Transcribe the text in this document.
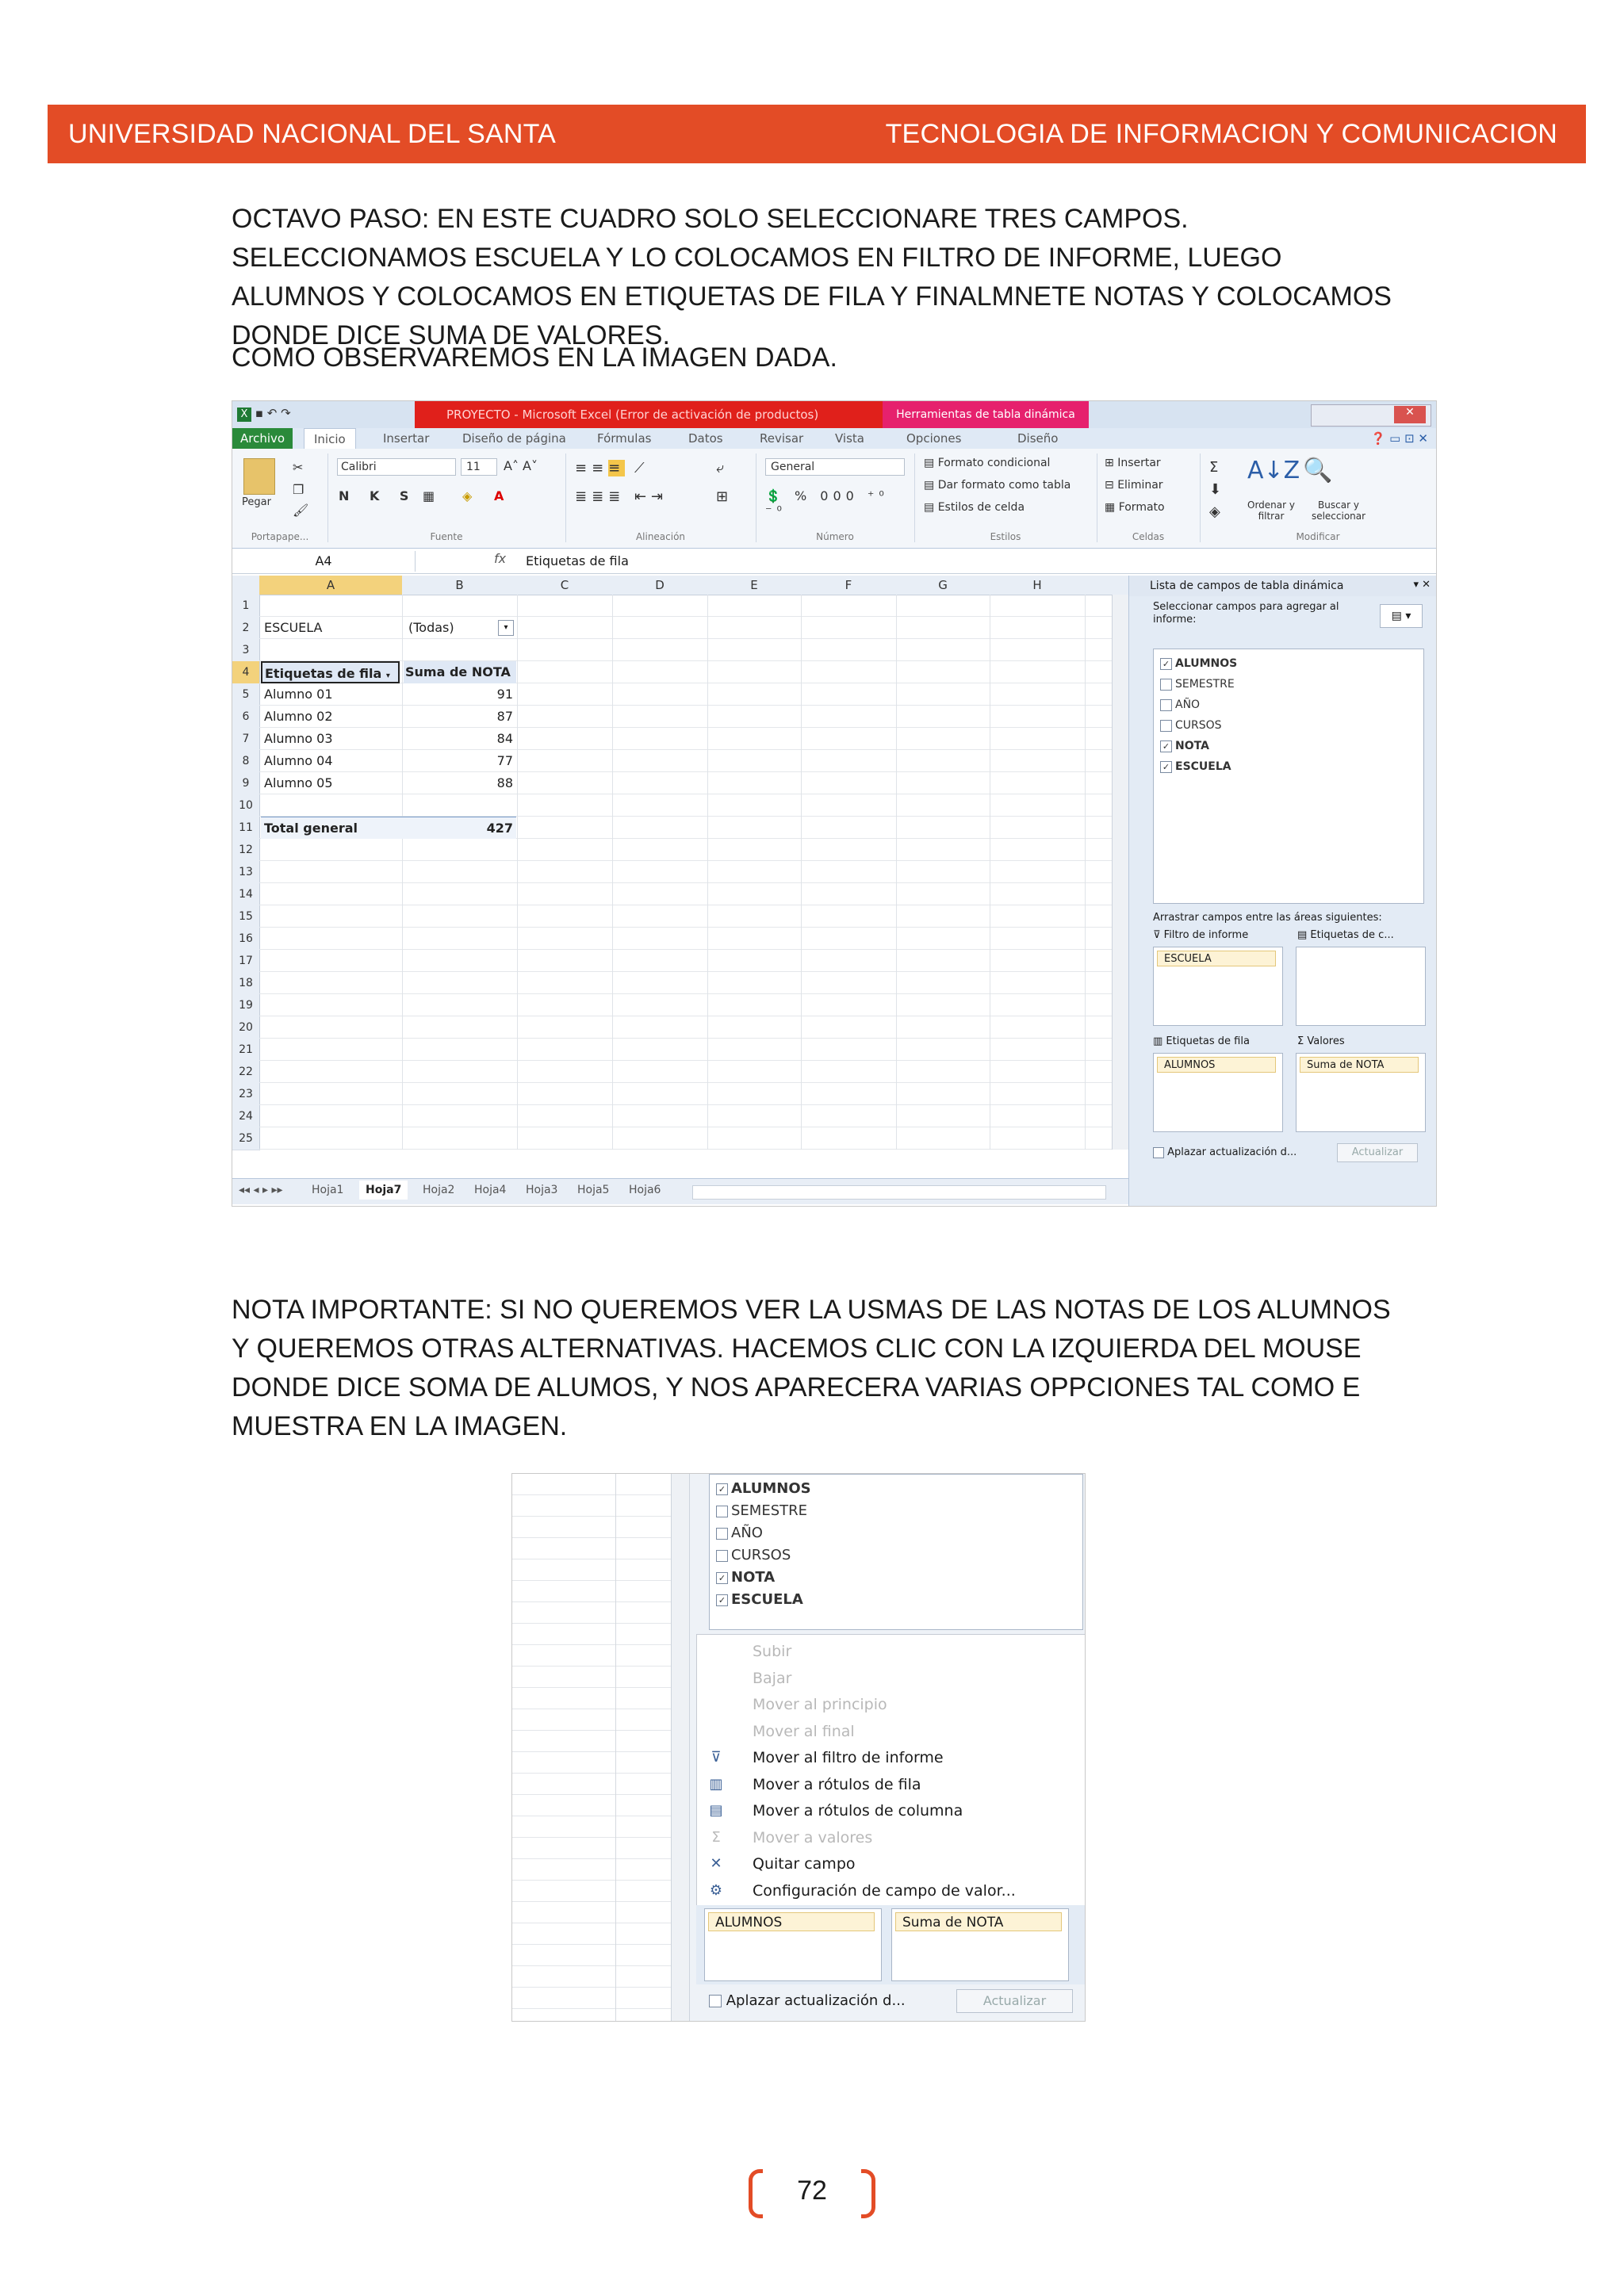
UNIVERSIDAD NACIONAL DEL SANTA	TECNOLOGIA DE INFORMACION Y COMUNICACION
OCTAVO PASO: EN ESTE CUADRO SOLO SELECCIONARE TRES CAMPOS. SELECCIONAMOS ESCUELA Y LO COLOCAMOS EN FILTRO DE INFORME, LUEGO ALUMNOS Y COLOCAMOS EN ETIQUETAS DE FILA Y FINALMNETE NOTAS Y COLOCAMOS DONDE DICE SUMA DE VALORES.
COMO OBSERVAREMOS EN LA IMAGEN DADA.
X ▪ ↶ ↷	PROYECTO - Microsoft Excel (Error de activación de productos)	Herramientas de tabla dinámica	✕
Archivo	Inicio	Insertar	Diseño de página	Fórmulas	Datos	Revisar	Vista	Opciones	Diseño	❓ ▭ ⊡ ✕
Pegar
✂
❐
🖌
Portapape...
Calibri	11	A˄ A˅
N K S ▦ ◈ A
Fuente
≡≡≡ ⟋
≣≣≣ ⇤⇥
⤶
⊞
Alineación
General
💲 % 000 ⁺⁰ ⁻⁰
Número
▤ Formato condicional
▤ Dar formato como tabla
▤ Estilos de celda
Estilos
⊞ Insertar
⊟ Eliminar
▦ Formato
Celdas
Σ
⬇
◈
A↓Z 🔍
Ordenar y filtrar
Buscar y seleccionar
Modificar
A4	fx Etiquetas de fila
A	B	C	D	E	F	G	H
1
2
3
4
5
6
7
8
9
10
11
12
13
14
15
16
17
18
19
20
21
22
23
24
25
ESCUELA	(Todas)	▾
Etiquetas de fila ▾	Suma de NOTA
Alumno 01	91
Alumno 02	87
Alumno 03	84
Alumno 04	77
Alumno 05	88
Total general	427
◂◂ ◂ ▸ ▸▸	Hoja1	Hoja7	Hoja2 Hoja4 Hoja3 Hoja5 Hoja6
Lista de campos de tabla dinámica	▾ ✕
Seleccionar campos para agregar al informe:	▤ ▾
✓ ALUMNOS
SEMESTRE
AÑO
CURSOS
✓ NOTA
✓ ESCUELA
Arrastrar campos entre las áreas siguientes:
⊽ Filtro de informe	▤ Etiquetas de c...
ESCUELA
▥ Etiquetas de fila	Σ Valores
ALUMNOS	Suma de NOTA
Aplazar actualización d...	Actualizar
NOTA IMPORTANTE: SI NO QUEREMOS VER LA USMAS DE LAS NOTAS DE LOS ALUMNOS Y QUEREMOS OTRAS ALTERNATIVAS. HACEMOS CLIC CON LA IZQUIERDA DEL MOUSE DONDE DICE SOMA DE ALUMOS, Y NOS APARECERA VARIAS OPPCIONES TAL COMO E MUESTRA EN LA IMAGEN.
✓ ALUMNOS
SEMESTRE
AÑO
CURSOS
✓ NOTA
✓ ESCUELA
Subir
Bajar
Mover al principio
Mover al final
⊽ Mover al filtro de informe
▥ Mover a rótulos de fila
▤ Mover a rótulos de columna
Σ	Mover a valores
✕ Quitar campo
⚙ Configuración de campo de valor...
ALUMNOS	Suma de NOTA
Aplazar actualización d...	Actualizar
72
